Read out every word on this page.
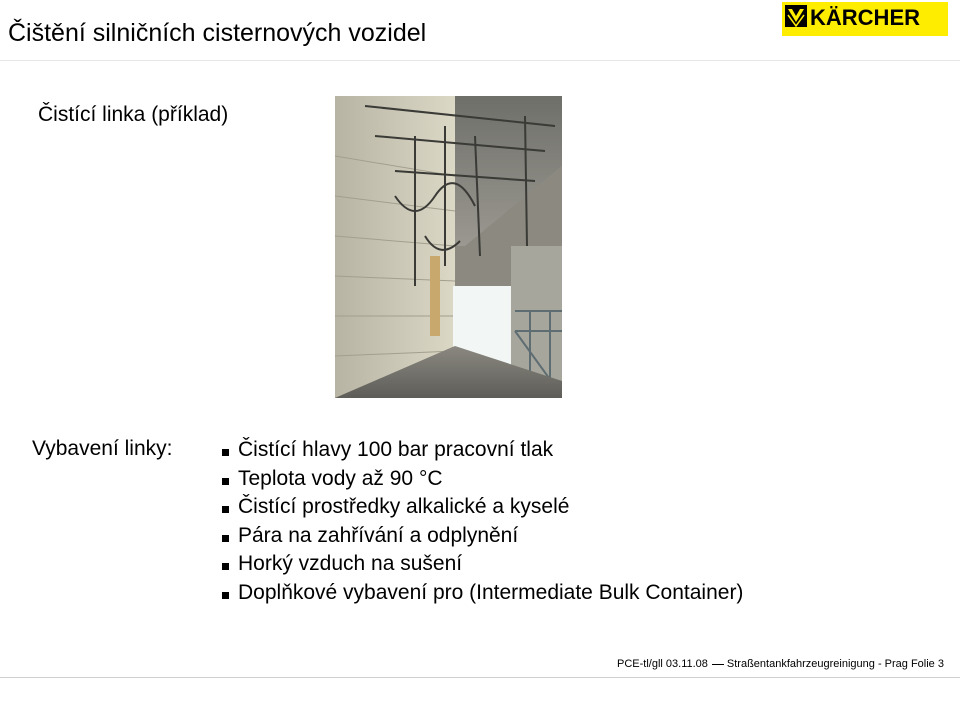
Čištění silničních cisternových vozidel
KÄRCHER
Čistící linka (příklad)
Vybavení linky:	Čistící hlavy 100 bar pracovní tlak
Teplota vody až 90 °C
Čistící prostředky alkalické a kyselé
Pára na zahřívání a odplynění
Horký vzduch na sušení
Doplňkové vybavení pro (Intermediate Bulk Container)
PCE-tl/gll 03.11.08 Straßentankfahrzeugreinigung - Prag Folie 3
